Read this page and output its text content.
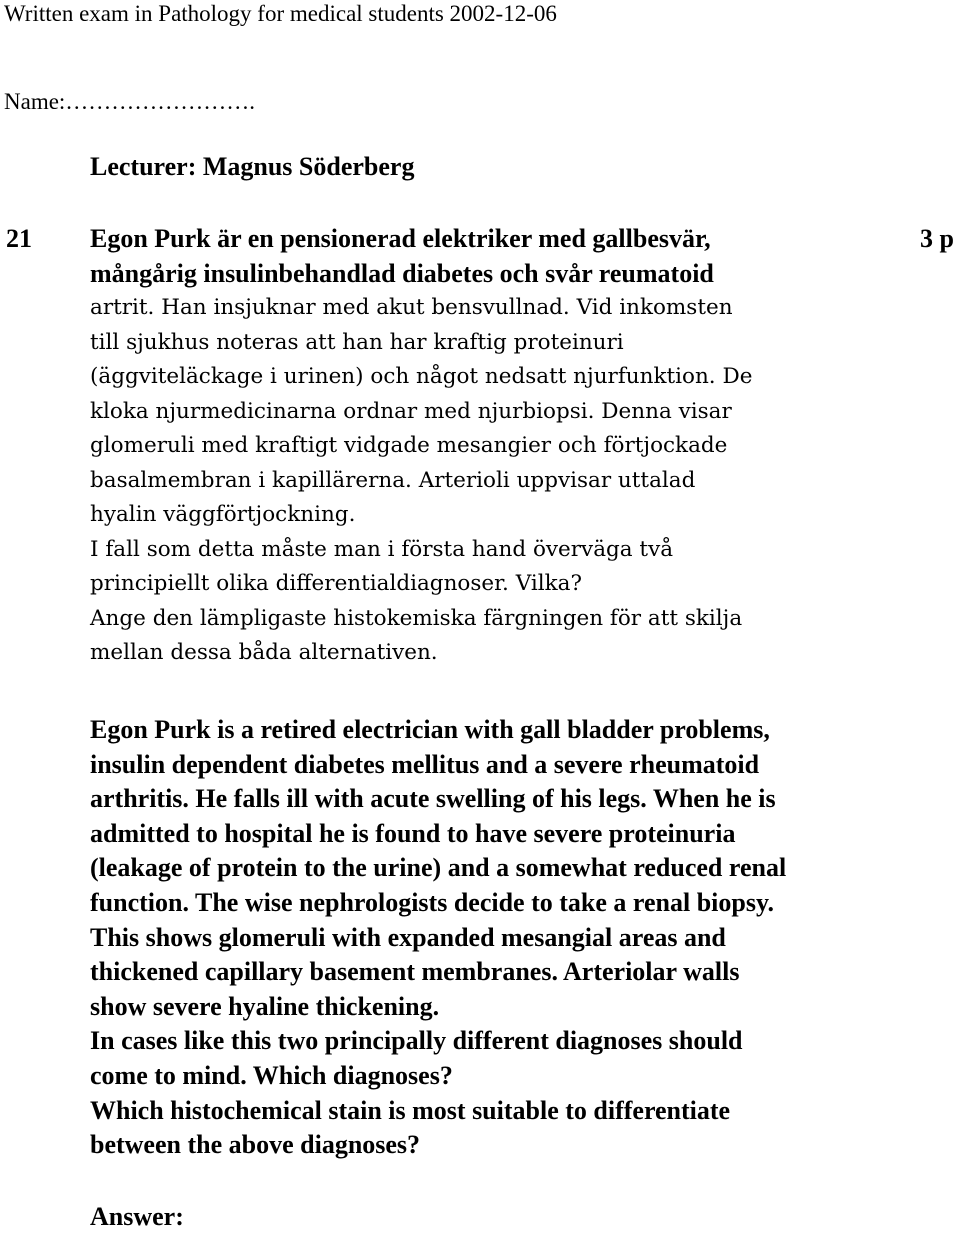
Written exam in Pathology for medical students 2002-12-06
Name:…………………….
Lecturer: Magnus Söderberg
21	3 p
Egon Purk är en pensionerad elektriker med gallbesvär,
mångårig insulinbehandlad diabetes och svår reumatoid
artrit. Han insjuknar med akut bensvullnad. Vid inkomsten
till sjukhus noteras att han har kraftig proteinuri
(äggviteläckage i urinen) och något nedsatt njurfunktion. De
kloka njurmedicinarna ordnar med njurbiopsi. Denna visar
glomeruli med kraftigt vidgade mesangier och förtjockade
basalmembran i kapillärerna. Arterioli uppvisar uttalad
hyalin väggförtjockning.
I fall som detta måste man i första hand överväga två
principiellt olika differentialdiagnoser. Vilka?
Ange den lämpligaste histokemiska färgningen för att skilja
mellan dessa båda alternativen.
Egon Purk is a retired electrician with gall bladder problems,
insulin dependent diabetes mellitus and a severe rheumatoid
arthritis. He falls ill with acute swelling of his legs. When he is
admitted to hospital he is found to have severe proteinuria
(leakage of protein to the urine) and a somewhat reduced renal
function. The wise nephrologists decide to take a renal biopsy.
This shows glomeruli with expanded mesangial areas and
thickened capillary basement membranes. Arteriolar walls
show severe hyaline thickening.
In cases like this two principally different diagnoses should
come to mind. Which diagnoses?
Which histochemical stain is most suitable to differentiate
between the above diagnoses?
Answer:
